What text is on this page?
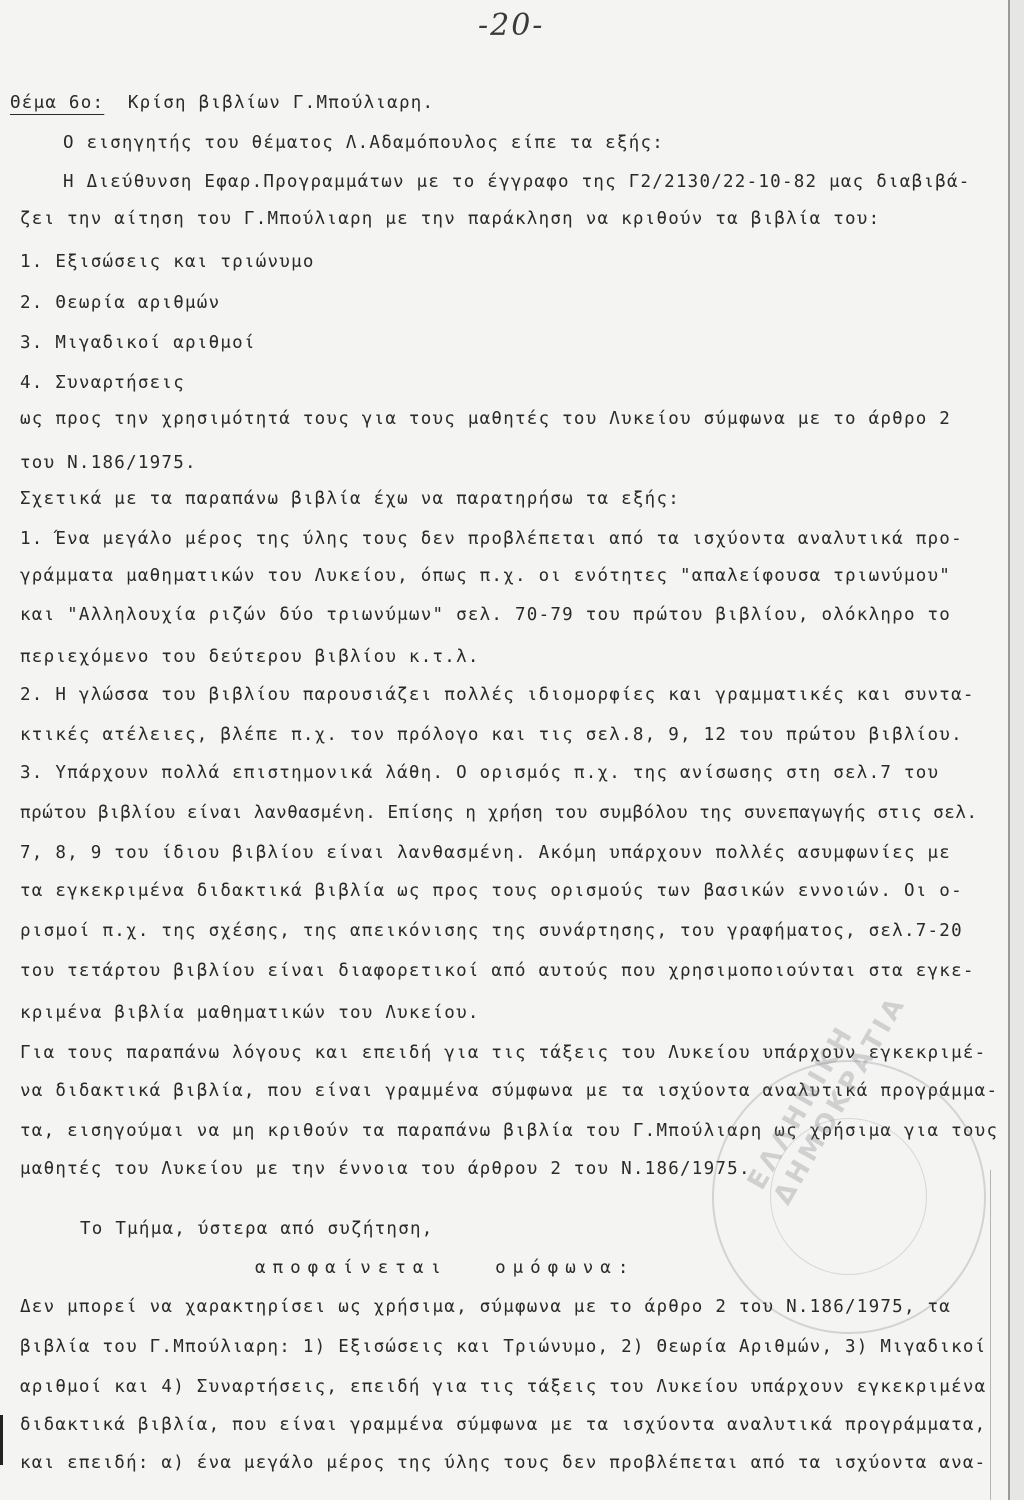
-20-
Θέμα 6ο: Κρίση βιβλίων Γ.Μπούλιαρη.
Ο εισηγητής του θέματος Λ.Αδαμόπουλος είπε τα εξής:
Η Διεύθυνση Εφαρ.Προγραμμάτων με το έγγραφο της Γ2/2130/22-10-82 μας διαβιβά-
ζει την αίτηση του Γ.Μπούλιαρη με την παράκληση να κριθούν τα βιβλία του:
1. Εξισώσεις και τριώνυμο
2. Θεωρία αριθμών
3. Μιγαδικοί αριθμοί
4. Συναρτήσεις
ως προς την χρησιμότητά τους για τους μαθητές του Λυκείου σύμφωνα με το άρθρο 2
του Ν.186/1975.
Σχετικά με τα παραπάνω βιβλία έχω να παρατηρήσω τα εξής:
1. Ένα μεγάλο μέρος της ύλης τους δεν προβλέπεται από τα ισχύοντα αναλυτικά προ-
γράμματα μαθηματικών του Λυκείου, όπως π.χ. οι ενότητες "απαλείφουσα τριωνύμου"
και "Αλληλουχία ριζών δύο τριωνύμων" σελ. 70-79 του πρώτου βιβλίου, ολόκληρο το
περιεχόμενο του δεύτερου βιβλίου κ.τ.λ.
2. Η γλώσσα του βιβλίου παρουσιάζει πολλές ιδιομορφίες και γραμματικές και συντα-
κτικές ατέλειες, βλέπε π.χ. τον πρόλογο και τις σελ.8, 9, 12 του πρώτου βιβλίου.
3. Υπάρχουν πολλά επιστημονικά λάθη. Ο ορισμός π.χ. της ανίσωσης στη σελ.7 του
πρώτου βιβλίου είναι λανθασμένη. Επίσης η χρήση του συμβόλου της συνεπαγωγής στις σελ.
7, 8, 9 του ίδιου βιβλίου είναι λανθασμένη. Ακόμη υπάρχουν πολλές ασυμφωνίες με
τα εγκεκριμένα διδακτικά βιβλία ως προς τους ορισμούς των βασικών εννοιών. Οι ο-
ρισμοί π.χ. της σχέσης, της απεικόνισης της συνάρτησης, του γραφήματος, σελ.7-20
του τετάρτου βιβλίου είναι διαφορετικοί από αυτούς που χρησιμοποιούνται στα εγκε-
κριμένα βιβλία μαθηματικών του Λυκείου.
Για τους παραπάνω λόγους και επειδή για τις τάξεις του Λυκείου υπάρχουν εγκεκριμέ-
να διδακτικά βιβλία, που είναι γραμμένα σύμφωνα με τα ισχύοντα αναλυτικά προγράμμα-
τα, εισηγούμαι να μη κριθούν τα παραπάνω βιβλία του Γ.Μπούλιαρη ως χρήσιμα για τους
μαθητές του Λυκείου με την έννοια του άρθρου 2 του Ν.186/1975.
ΕΛΛΗΝΙΚΗ ΔΗΜΟΚΡΑΤΙΑ
Το Τμήμα, ύστερα από συζήτηση,
αποφαίνεται	ομόφωνα:
Δεν μπορεί να χαρακτηρίσει ως χρήσιμα, σύμφωνα με το άρθρο 2 του Ν.186/1975, τα
βιβλία του Γ.Μπούλιαρη: 1) Εξισώσεις και Τριώνυμο, 2) Θεωρία Αριθμών, 3) Μιγαδικοί
αριθμοί και 4) Συναρτήσεις, επειδή για τις τάξεις του Λυκείου υπάρχουν εγκεκριμένα
διδακτικά βιβλία, που είναι γραμμένα σύμφωνα με τα ισχύοντα αναλυτικά προγράμματα,
και επειδή: α) ένα μεγάλο μέρος της ύλης τους δεν προβλέπεται από τα ισχύοντα ανα-
